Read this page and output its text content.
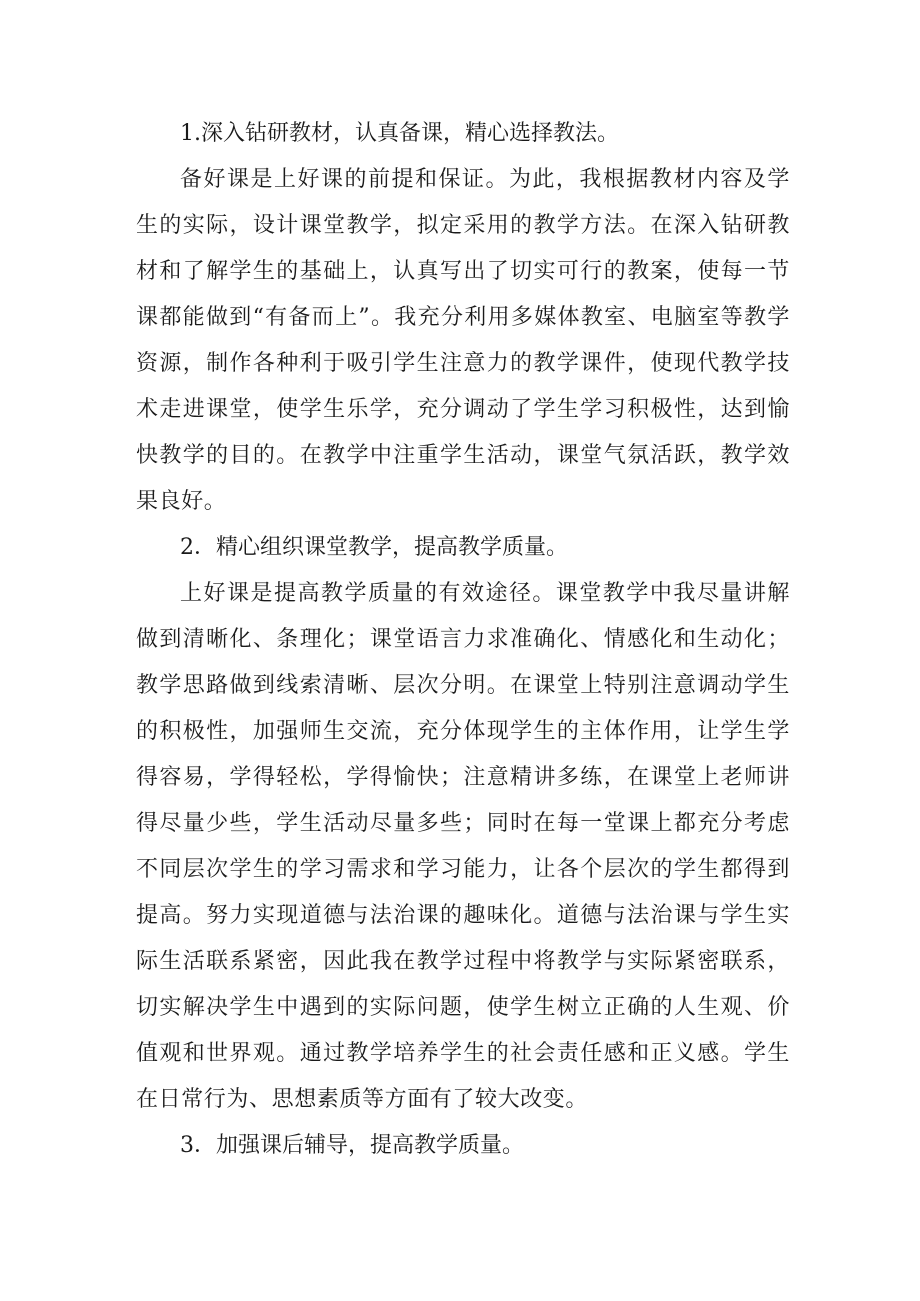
1.深入钻研教材，认真备课，精心选择教法。

备好课是上好课的前提和保证。为此，我根据教材内容及学生的实际，设计课堂教学，拟定采用的教学方法。在深入钻研教材和了解学生的基础上，认真写出了切实可行的教案，使每一节课都能做到“有备而上”。我充分利用多媒体教室、电脑室等教学资源，制作各种利于吸引学生注意力的教学课件，使现代教学技术走进课堂，使学生乐学，充分调动了学生学习积极性，达到愉快教学的目的。在教学中注重学生活动，课堂气氛活跃，教学效果良好。

2．精心组织课堂教学，提高教学质量。

上好课是提高教学质量的有效途径。课堂教学中我尽量讲解做到清晰化、条理化；课堂语言力求准确化、情感化和生动化；教学思路做到线索清晰、层次分明。在课堂上特别注意调动学生的积极性，加强师生交流，充分体现学生的主体作用，让学生学得容易，学得轻松，学得愉快；注意精讲多练，在课堂上老师讲得尽量少些，学生活动尽量多些；同时在每一堂课上都充分考虑不同层次学生的学习需求和学习能力，让各个层次的学生都得到提高。努力实现道德与法治课的趣味化。道德与法治课与学生实际生活联系紧密，因此我在教学过程中将教学与实际紧密联系，切实解决学生中遇到的实际问题，使学生树立正确的人生观、价值观和世界观。通过教学培养学生的社会责任感和正义感。学生在日常行为、思想素质等方面有了较大改变。

3．加强课后辅导，提高教学质量。
